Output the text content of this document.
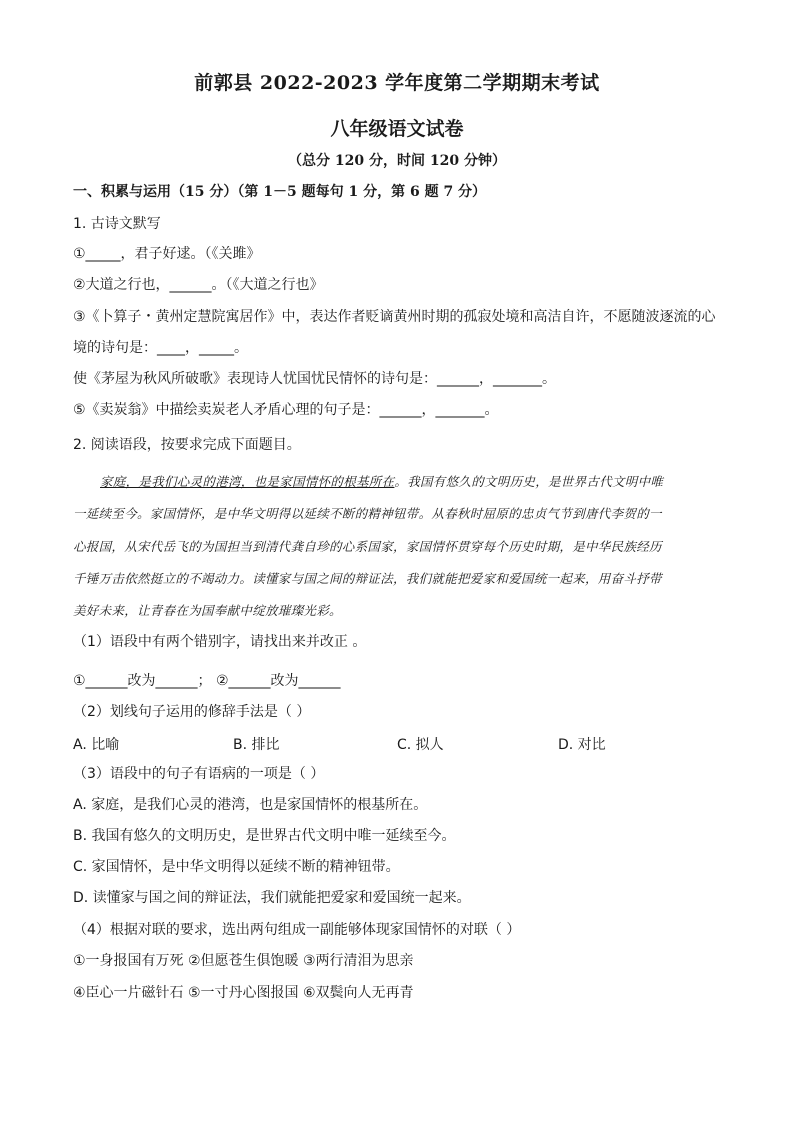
前郭县 2022-2023 学年度第二学期期末考试
八年级语文试卷
（总分 120 分，时间 120 分钟）
一、积累与运用（15 分）（第 1－5 题每句 1 分，第 6 题 7 分）
1. 古诗文默写
①_____，君子好逑。（《关雎》
②大道之行也，______。（《大道之行也》
③《卜算子・黄州定慧院寓居作》中，表达作者贬谪黄州时期的孤寂处境和高洁自许，不愿随波逐流的心
境的诗句是：____，_____。
使《茅屋为秋风所破歌》表现诗人忧国忧民情怀的诗句是：______，_______。
⑤《卖炭翁》中描绘卖炭老人矛盾心理的句子是：______，_______。
2. 阅读语段，按要求完成下面题目。
家庭，是我们心灵的港湾，也是家国情怀的根基所在。我国有悠久的文明历史，是世界古代文明中唯
一延续至今。家国情怀，是中华文明得以延续不断的精神钮带。从春秋时屈原的忠贞气节到唐代李贺的一
心报国，从宋代岳飞的为国担当到清代龚自珍的心系国家，家国情怀贯穿每个历史时期，是中华民族经历
千锤万击依然挺立的不竭动力。读懂家与国之间的辩证法，我们就能把爱家和爱国统一起来，用奋斗抒带
美好未来，让青春在为国奉献中绽放璀璨光彩。
（1）语段中有两个错别字，请找出来并改正 。
①______改为______； ②______改为______
（2）划线句子运用的修辞手法是（ ）
A. 比喻	B. 排比	C. 拟人	D. 对比
（3）语段中的句子有语病的一项是（ ）
A. 家庭，是我们心灵的港湾，也是家国情怀的根基所在。
B. 我国有悠久的文明历史，是世界古代文明中唯一延续至今。
C. 家国情怀，是中华文明得以延续不断的精神钮带。
D. 读懂家与国之间的辩证法，我们就能把爱家和爱国统一起来。
（4）根据对联的要求，选出两句组成一副能够体现家国情怀的对联（ ）
①一身报国有万死 ②但愿苍生俱饱暖 ③两行清泪为思亲
④臣心一片磁针石 ⑤一寸丹心图报国 ⑥双鬓向人无再青
